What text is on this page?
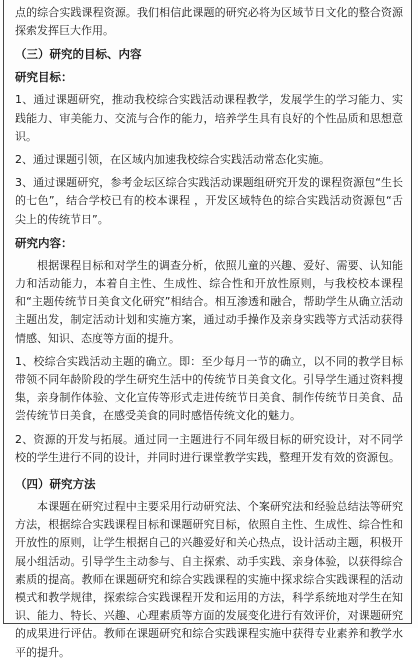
点的综合实践课程资源。我们相信此课题的研究必将为区域节日文化的整合资源探索发挥巨大作用。

（三）研究的目标、内容

研究目标：

1、通过课题研究，推动我校综合实践活动课程教学，发展学生的学习能力、实践能力、审美能力、交流与合作的能力，培养学生具有良好的个性品质和思想意识。

2、通过课题引领，在区域内加速我校综合实践活动常态化实施。

3、通过课题研究，参考金坛区综合实践活动课题组研究开发的课程资源包“生长的七色”，结合学校已有的校本课程 ，开发区域特色的综合实践活动资源包“舌尖上的传统节日”。

研究内容：

根据课程目标和对学生的调查分析，依照儿童的兴趣、爱好、需要、认知能力和活动能力，本着自主性、生成性、综合性和开放性原则，与我校校本课程和“主题传统节日美食文化研究”相结合。相互渗透和融合，帮助学生从确立活动主题出发，制定活动计划和实施方案，通过动手操作及亲身实践等方式活动获得情感、知识、态度等方面的提升。

1、校综合实践活动主题的确立。即：至少每月一节的确立，以不同的教学目标带领不同年龄阶段的学生研究生活中的传统节日美食文化。引导学生通过资料搜集，亲身制作体验、文化宣传等形式走进传统节日美食、制作传统节日美食、品尝传统节日美食，在感受美食的同时感悟传统文化的魅力。

2、资源的开发与拓展。通过同一主题进行不同年级目标的研究设计，对不同学校的学生进行不同的设计，并同时进行课堂教学实践，整理开发有效的资源包。

（四）研究方法

本课题在研究过程中主要采用行动研究法、个案研究法和经验总结法等研究方法，根据综合实践课程目标和课题研究目标，依照自主性、生成性、综合性和开放性的原则，让学生根据自己的兴趣爱好和关心热点，设计活动主题，积极开展小组活动。引导学生主动参与、自主探索、动手实践、亲身体验，以获得综合素质的提高。教师在课题研究和综合实践课程的实施中探求综合实践课程的活动模式和教学规律，探索综合实践课程开发和运用的方法，科学系统地对学生在知识、能力、特长、兴趣、心理素质等方面的发展变化进行有效评价，对课题研究的成果进行评估。教师在课题研究和综合实践课程实施中获得专业素养和教学水平的提升。
